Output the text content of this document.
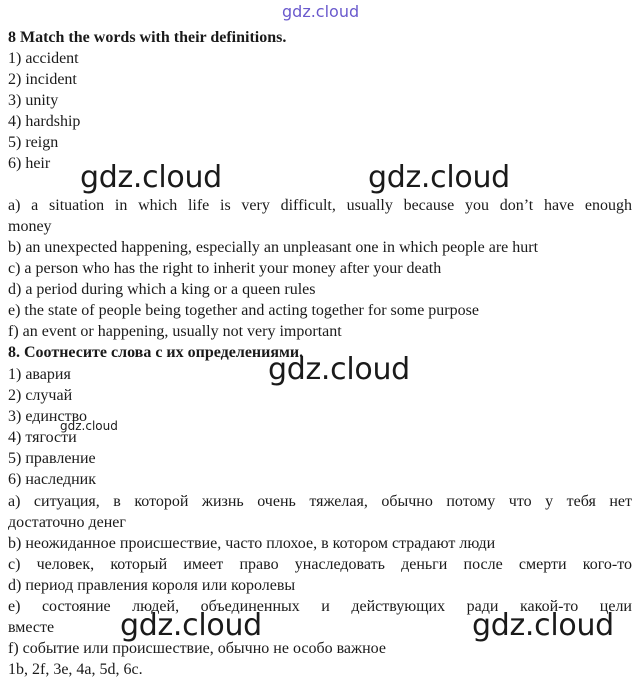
gdz.cloud
8 Match the words with their definitions.
1) accident
2) incident
3) unity
4) hardship
5) reign
6) heir gdz.cloud	gdz.cloud
a) a situation in which life is very difficult, usually because you don’t have enough
money
b) an unexpected happening, especially an unpleasant one in which people are hurt
c) a person who has the right to inherit your money after your death
d) a period during which a king or a queen rules
e) the state of people being together and acting together for some purpose
f) an event or happening, usually not very important
8. Соотнесите слова с их определениями.
gdz.cloud
1) авария
2) случай
3) единство
gdz.cloud
4) тягости
5) правление
6) наследник
а) ситуация, в которой жизнь очень тяжелая, обычно потому что у тебя нет
достаточно денег
b) неожиданное происшествие, часто плохое, в котором страдают люди
с) человек, который имеет право унаследовать деньги после смерти кого-то
d) период правления короля или королевы
е) состояние людей, объединенных и действующих ради какой-то цели
вместе	gdz.cloud	gdz.cloud
f) событие или происшествие, обычно не особо важное
1b, 2f, 3e, 4a, 5d, 6c.
